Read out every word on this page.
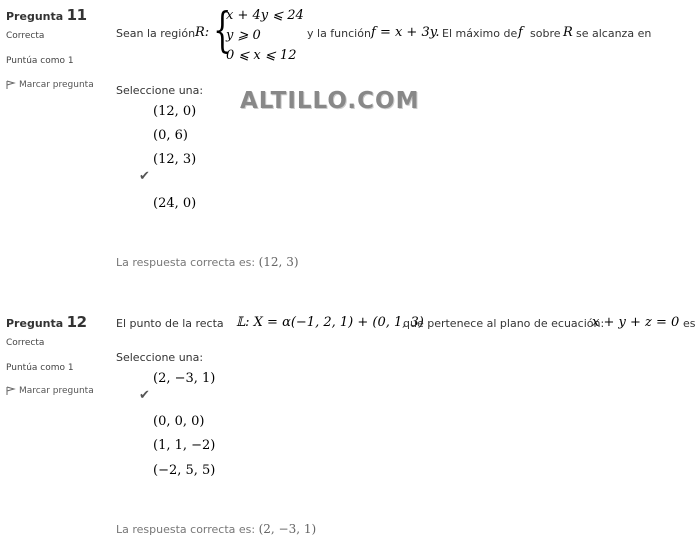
ALTILLO.COM
Pregunta 11
Correcta
Puntúa como 1
Marcar pregunta
Sean la región R: {
x + 4y ⩽ 24
y ⩾ 0
0 ⩽ x ⩽ 12
y la función f = x + 3y. El máximo de f sobre R se alcanza en
Seleccione una:
(12, 0)
(0, 6)
(12, 3)
✔
(24, 0)
La respuesta correcta es: (12, 3)
Pregunta 12
Correcta
Puntúa como 1
Marcar pregunta
El punto de la recta 𝕃: X = α(−1, 2, 1) + (0, 1, 3)
que pertenece al plano de ecuación:
x + y + z = 0 es
Seleccione una:
(2, −3, 1)
✔
(0, 0, 0)
(1, 1, −2)
(−2, 5, 5)
La respuesta correcta es: (2, −3, 1)
